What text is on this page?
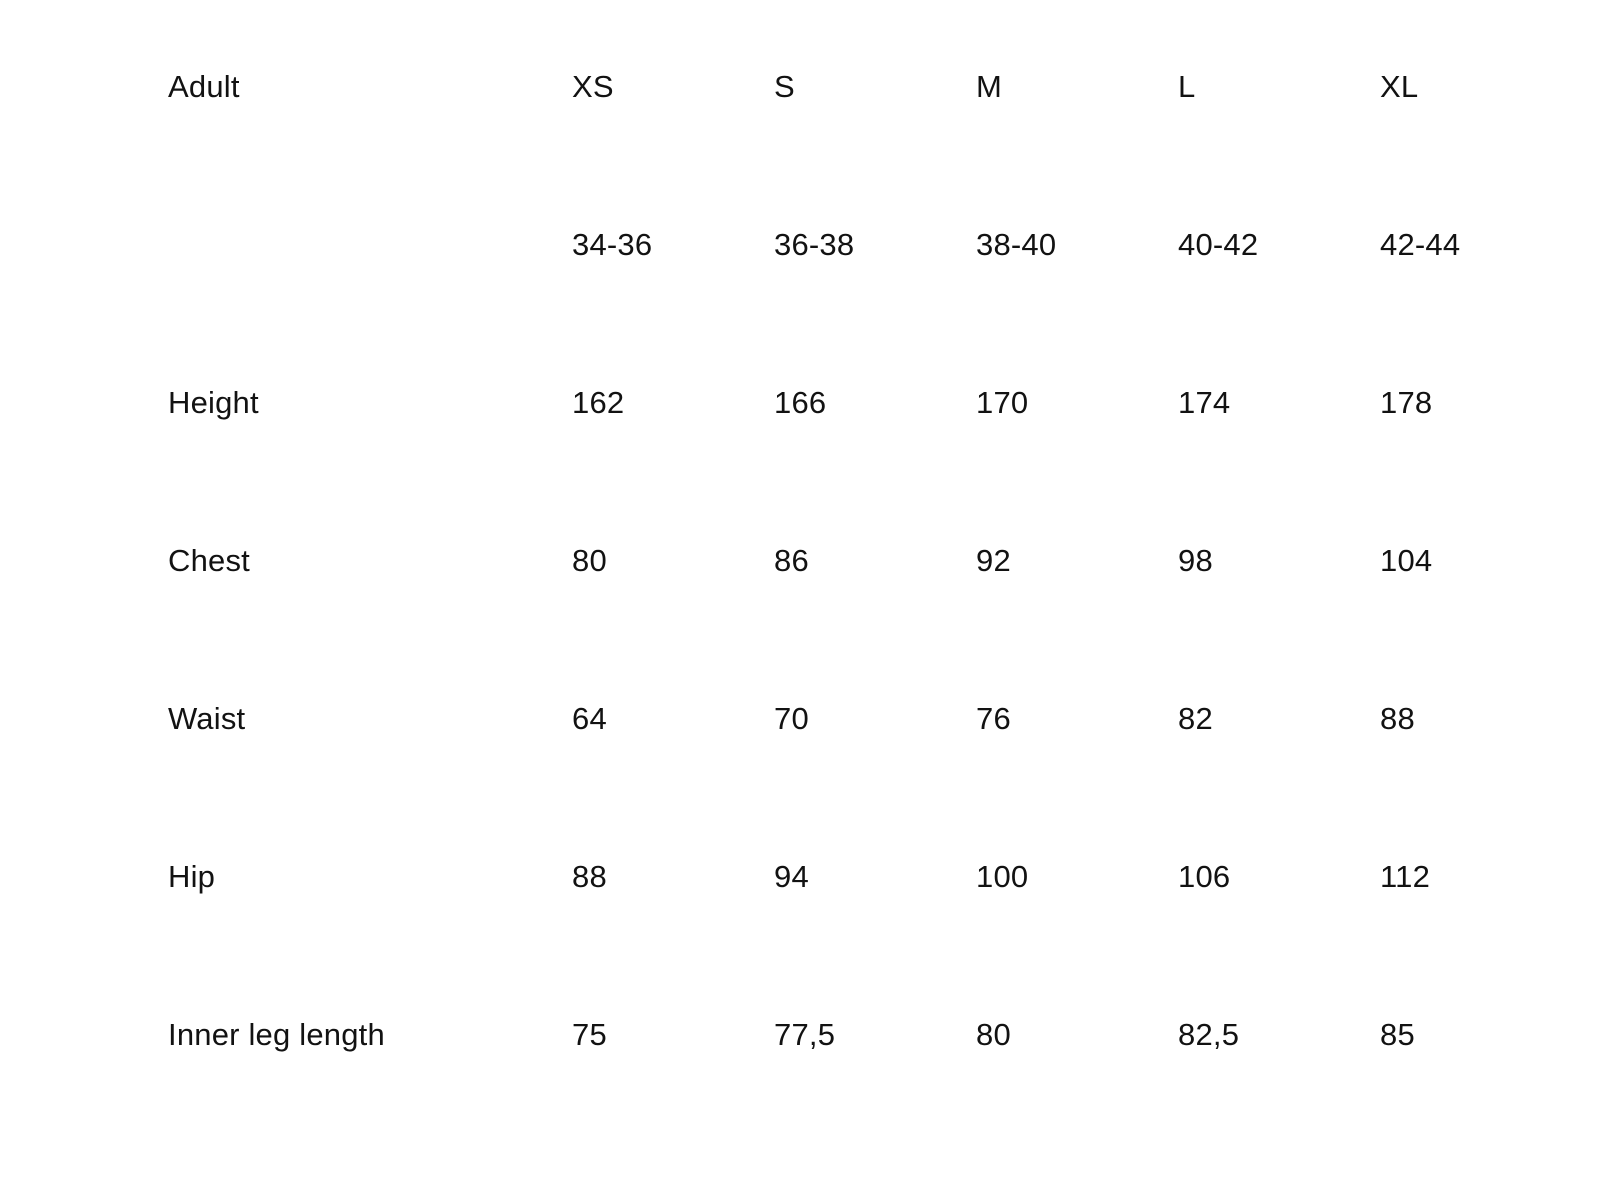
Adult	XS	S	M	L	XL
	34-36	36-38	38-40	40-42	42-44
Height	162	166	170	174	178
Chest	80	86	92	98	104
Waist	64	70	76	82	88
Hip	88	94	100	106	112
Inner leg length	75	77,5	80	82,5	85
